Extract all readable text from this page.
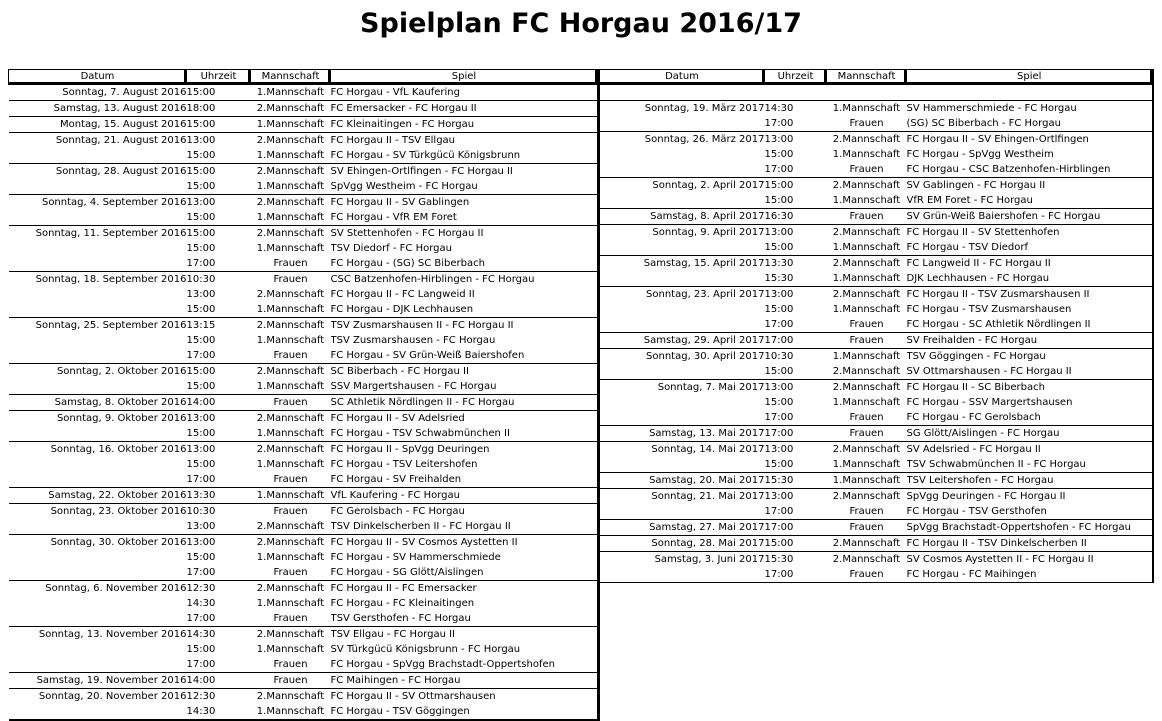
Spielplan FC Horgau 2016/17
Datum	Uhrzeit	Mannschaft	Spiel
Sonntag, 7. August 2016	15:00	1.Mannschaft	FC Horgau - VfL Kaufering
Samstag, 13. August 2016	18:00	2.Mannschaft	FC Emersacker - FC Horgau II
Montag, 15. August 2016	15:00	1.Mannschaft	FC Kleinaitingen - FC Horgau
Sonntag, 21. August 2016	13:00	2.Mannschaft	FC Horgau II - TSV Ellgau
	15:00	1.Mannschaft	FC Horgau - SV Türkgücü Königsbrunn
Sonntag, 28. August 2016	15:00	2.Mannschaft	SV Ehingen-Ortlfingen - FC Horgau II
	15:00	1.Mannschaft	SpVgg Westheim - FC Horgau
Sonntag, 4. September 2016	13:00	2.Mannschaft	FC Horgau II - SV Gablingen
	15:00	1.Mannschaft	FC Horgau - VfR EM Foret
Sonntag, 11. September 2016	15:00	2.Mannschaft	SV Stettenhofen - FC Horgau II
	15:00	1.Mannschaft	TSV Diedorf - FC Horgau
	17:00	Frauen	FC Horgau - (SG) SC Biberbach
Sonntag, 18. September 2016	10:30	Frauen	CSC Batzenhofen-Hirblingen - FC Horgau
	13:00	2.Mannschaft	FC Horgau II - FC Langweid II
	15:00	1.Mannschaft	FC Horgau - DJK Lechhausen
Sonntag, 25. September 2016	13:15	2.Mannschaft	TSV Zusmarshausen II - FC Horgau II
	15:00	1.Mannschaft	TSV Zusmarshausen - FC Horgau
	17:00	Frauen	FC Horgau - SV Grün-Weiß Baiershofen
Sonntag, 2. Oktober 2016	15:00	2.Mannschaft	SC Biberbach - FC Horgau II
	15:00	1.Mannschaft	SSV Margertshausen - FC Horgau
Samstag, 8. Oktober 2016	14:00	Frauen	SC Athletik Nördlingen II - FC Horgau
Sonntag, 9. Oktober 2016	13:00	2.Mannschaft	FC Horgau II - SV Adelsried
	15:00	1.Mannschaft	FC Horgau - TSV Schwabmünchen II
Sonntag, 16. Oktober 2016	13:00	2.Mannschaft	FC Horgau II - SpVgg Deuringen
	15:00	1.Mannschaft	FC Horgau - TSV Leitershofen
	17:00	Frauen	FC Horgau - SV Freihalden
Samstag, 22. Oktober 2016	13:30	1.Mannschaft	VfL Kaufering - FC Horgau
Sonntag, 23. Oktober 2016	10:30	Frauen	FC Gerolsbach - FC Horgau
	13:00	2.Mannschaft	TSV Dinkelscherben II - FC Horgau II
Sonntag, 30. Oktober 2016	13:00	2.Mannschaft	FC Horgau II - SV Cosmos Aystetten II
	15:00	1.Mannschaft	FC Horgau - SV Hammerschmiede
	17:00	Frauen	FC Horgau - SG Glött/Aislingen
Sonntag, 6. November 2016	12:30	2.Mannschaft	FC Horgau II - FC Emersacker
	14:30	1.Mannschaft	FC Horgau - FC Kleinaitingen
	17:00	Frauen	TSV Gersthofen - FC Horgau
Sonntag, 13. November 2016	14:30	2.Mannschaft	TSV Ellgau - FC Horgau II
	15:00	1.Mannschaft	SV Türkgücü Königsbrunn - FC Horgau
	17:00	Frauen	FC Horgau - SpVgg Brachstadt-Oppertshofen
Samstag, 19. November 2016	14:00	Frauen	FC Maihingen - FC Horgau
Sonntag, 20. November 2016	12:30	2.Mannschaft	FC Horgau II - SV Ottmarshausen
	14:30	1.Mannschaft	FC Horgau - TSV Göggingen
Datum	Uhrzeit	Mannschaft	Spiel

Sonntag, 19. März 2017	14:30	1.Mannschaft	SV Hammerschmiede - FC Horgau
	17:00	Frauen	(SG) SC Biberbach - FC Horgau
Sonntag, 26. März 2017	13:00	2.Mannschaft	FC Horgau II - SV Ehingen-Ortlfingen
	15:00	1.Mannschaft	FC Horgau - SpVgg Westheim
	17:00	Frauen	FC Horgau - CSC Batzenhofen-Hirblingen
Sonntag, 2. April 2017	15:00	2.Mannschaft	SV Gablingen - FC Horgau II
	15:00	1.Mannschaft	VfR EM Foret - FC Horgau
Samstag, 8. April 2017	16:30	Frauen	SV Grün-Weiß Baiershofen - FC Horgau
Sonntag, 9. April 2017	13:00	2.Mannschaft	FC Horgau II - SV Stettenhofen
	15:00	1.Mannschaft	FC Horgau - TSV Diedorf
Samstag, 15. April 2017	13:30	2.Mannschaft	FC Langweid II - FC Horgau II
	15:30	1.Mannschaft	DJK Lechhausen - FC Horgau
Sonntag, 23. April 2017	13:00	2.Mannschaft	FC Horgau II - TSV Zusmarshausen II
	15:00	1.Mannschaft	FC Horgau - TSV Zusmarshausen
	17:00	Frauen	FC Horgau - SC Athletik Nördlingen II
Samstag, 29. April 2017	17:00	Frauen	SV Freihalden - FC Horgau
Sonntag, 30. April 2017	10:30	1.Mannschaft	TSV Göggingen - FC Horgau
	15:00	2.Mannschaft	SV Ottmarshausen - FC Horgau II
Sonntag, 7. Mai 2017	13:00	2.Mannschaft	FC Horgau II - SC Biberbach
	15:00	1.Mannschaft	FC Horgau - SSV Margertshausen
	17:00	Frauen	FC Horgau - FC Gerolsbach
Samstag, 13. Mai 2017	17:00	Frauen	SG Glött/Aislingen - FC Horgau
Sonntag, 14. Mai 2017	13:00	2.Mannschaft	SV Adelsried - FC Horgau II
	15:00	1.Mannschaft	TSV Schwabmünchen II - FC Horgau
Samstag, 20. Mai 2017	15:30	1.Mannschaft	TSV Leitershofen - FC Horgau
Sonntag, 21. Mai 2017	13:00	2.Mannschaft	SpVgg Deuringen - FC Horgau II
	17:00	Frauen	FC Horgau - TSV Gersthofen
Samstag, 27. Mai 2017	17:00	Frauen	SpVgg Brachstadt-Oppertshofen - FC Horgau
Sonntag, 28. Mai 2017	15:00	2.Mannschaft	FC Horgau II - TSV Dinkelscherben II
Samstag, 3. Juni 2017	15:30	2.Mannschaft	SV Cosmos Aystetten II - FC Horgau II
	17:00	Frauen	FC Horgau - FC Maihingen
